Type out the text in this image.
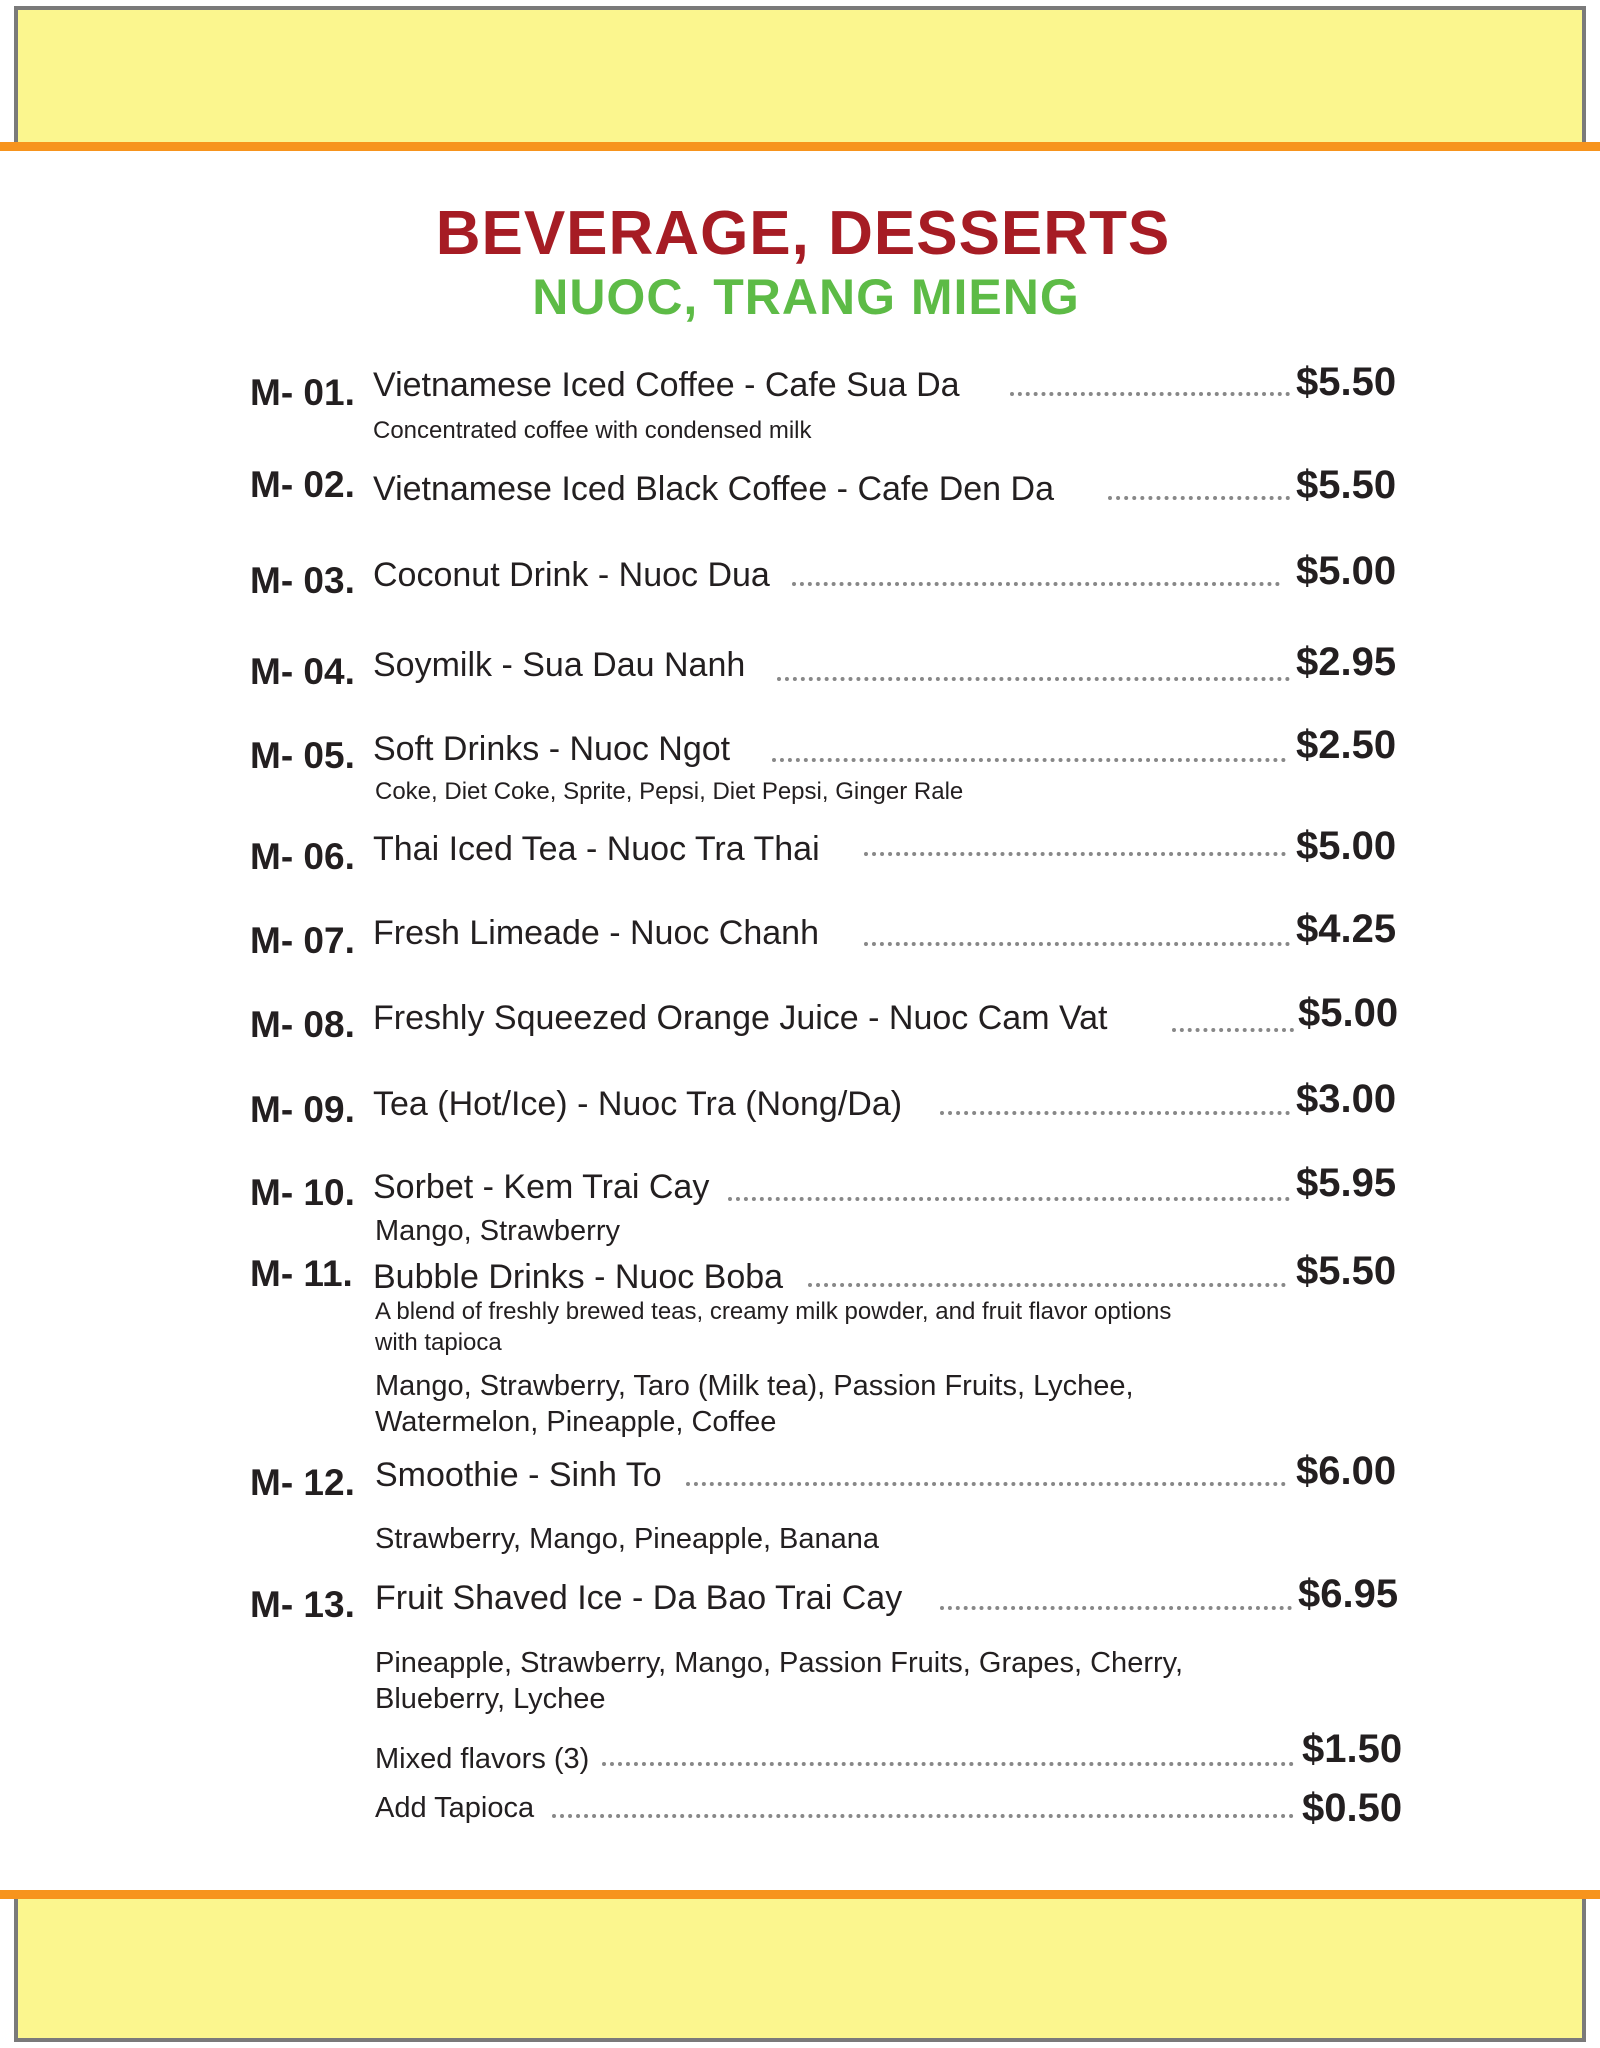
BEVERAGE, DESSERTS
NUOC, TRANG MIENG
M- 01. Vietnamese Iced Coffee - Cafe Sua Da	$5.50
Concentrated coffee with condensed milk
M- 02. Vietnamese Iced Black Coffee - Cafe Den Da	$5.50
M- 03. Coconut Drink - Nuoc Dua	$5.00
M- 04. Soymilk - Sua Dau Nanh	$2.95
M- 05. Soft Drinks - Nuoc Ngot	$2.50
Coke, Diet Coke, Sprite, Pepsi, Diet Pepsi, Ginger Rale
M- 06. Thai Iced Tea - Nuoc Tra Thai	$5.00
M- 07. Fresh Limeade - Nuoc Chanh	$4.25
M- 08. Freshly Squeezed Orange Juice - Nuoc Cam Vat	$5.00
M- 09. Tea (Hot/Ice) - Nuoc Tra (Nong/Da)	$3.00
M- 10. Sorbet - Kem Trai Cay	$5.95
Mango, Strawberry
M- 11. Bubble Drinks - Nuoc Boba	$5.50
A blend of freshly brewed teas, creamy milk powder, and fruit flavor options
with tapioca
Mango, Strawberry, Taro (Milk tea), Passion Fruits, Lychee,
Watermelon, Pineapple, Coffee
M- 12. Smoothie - Sinh To	$6.00
Strawberry, Mango, Pineapple, Banana
M- 13. Fruit Shaved Ice - Da Bao Trai Cay	$6.95
Pineapple, Strawberry, Mango, Passion Fruits, Grapes, Cherry,
Blueberry, Lychee
Mixed flavors (3)	$1.50
Add Tapioca	$0.50
